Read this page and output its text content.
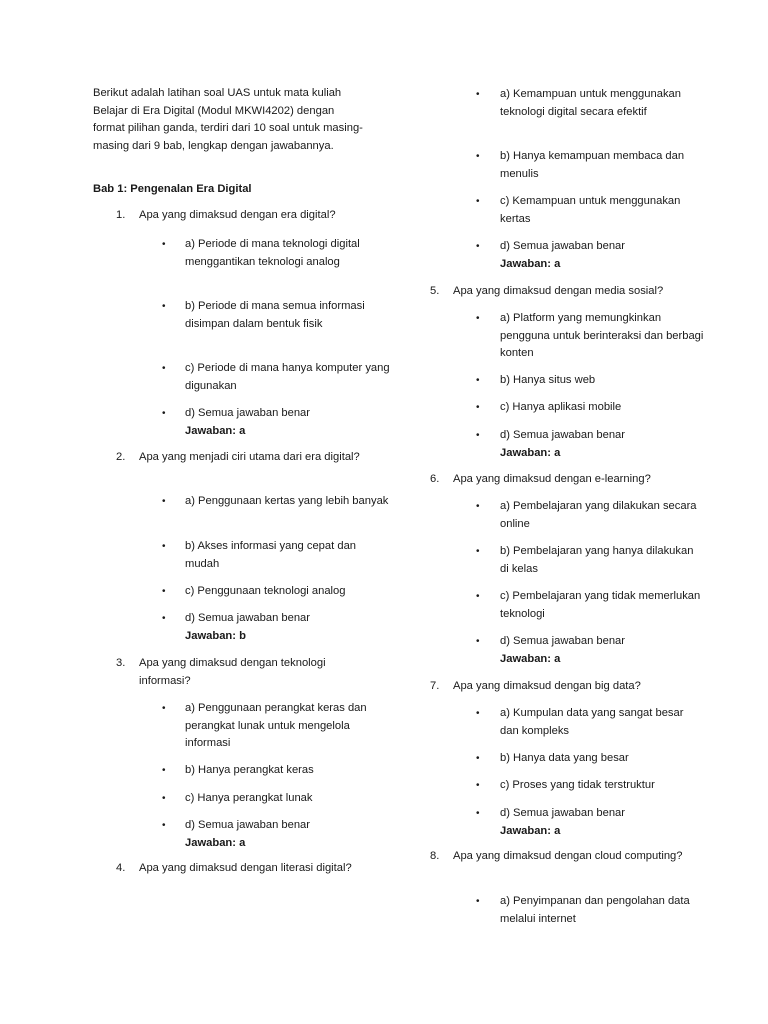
Berikut adalah latihan soal UAS untuk mata kuliah Belajar di Era Digital (Modul MKWI4202) dengan format pilihan ganda, terdiri dari 10 soal untuk masing-masing dari 9 bab, lengkap dengan jawabannya.

Bab 1: Pengenalan Era Digital

1. Apa yang dimaksud dengan era digital?
• a) Periode di mana teknologi digital menggantikan teknologi analog
• b) Periode di mana semua informasi disimpan dalam bentuk fisik
• c) Periode di mana hanya komputer yang digunakan
• d) Semua jawaban benar
Jawaban: a
2. Apa yang menjadi ciri utama dari era digital?
• a) Penggunaan kertas yang lebih banyak
• b) Akses informasi yang cepat dan mudah
• c) Penggunaan teknologi analog
• d) Semua jawaban benar
Jawaban: b
3. Apa yang dimaksud dengan teknologi informasi?
• a) Penggunaan perangkat keras dan perangkat lunak untuk mengelola informasi
• b) Hanya perangkat keras
• c) Hanya perangkat lunak
• d) Semua jawaban benar
Jawaban: a
4. Apa yang dimaksud dengan literasi digital?
• a) Kemampuan untuk menggunakan teknologi digital secara efektif
• b) Hanya kemampuan membaca dan menulis
• c) Kemampuan untuk menggunakan kertas
• d) Semua jawaban benar
Jawaban: a
5. Apa yang dimaksud dengan media sosial?
• a) Platform yang memungkinkan pengguna untuk berinteraksi dan berbagi konten
• b) Hanya situs web
• c) Hanya aplikasi mobile
• d) Semua jawaban benar
Jawaban: a
6. Apa yang dimaksud dengan e-learning?
• a) Pembelajaran yang dilakukan secara online
• b) Pembelajaran yang hanya dilakukan di kelas
• c) Pembelajaran yang tidak memerlukan teknologi
• d) Semua jawaban benar
Jawaban: a
7. Apa yang dimaksud dengan big data?
• a) Kumpulan data yang sangat besar dan kompleks
• b) Hanya data yang besar
• c) Proses yang tidak terstruktur
• d) Semua jawaban benar
Jawaban: a
8. Apa yang dimaksud dengan cloud computing?
• a) Penyimpanan dan pengolahan data melalui internet
